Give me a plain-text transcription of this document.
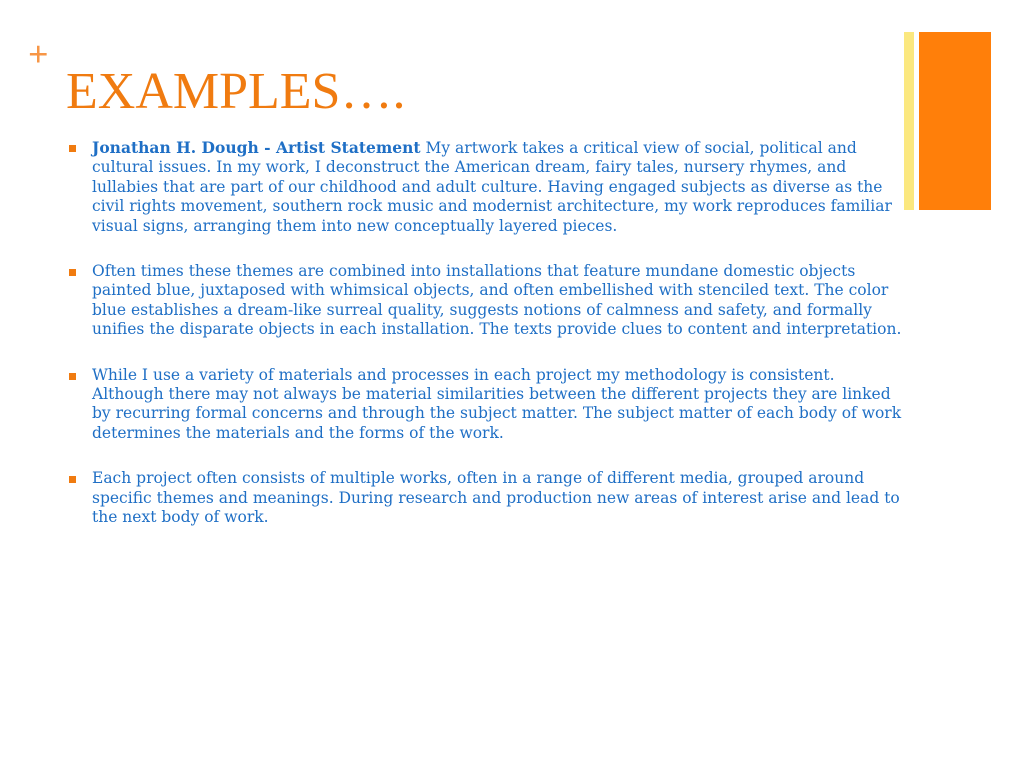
+
EXAMPLES….
Jonathan H. Dough - Artist Statement My artwork takes a critical view of social, political and cultural issues. In my work, I deconstruct the American dream, fairy tales, nursery rhymes, and lullabies that are part of our childhood and adult culture. Having engaged subjects as diverse as the civil rights movement, southern rock music and modernist architecture, my work reproduces familiar visual signs, arranging them into new conceptually layered pieces.
Often times these themes are combined into installations that feature mundane domestic objects painted blue, juxtaposed with whimsical objects, and often embellished with stenciled text. The color blue establishes a dream-like surreal quality, suggests notions of calmness and safety, and formally unifies the disparate objects in each installation. The texts provide clues to content and interpretation.
While I use a variety of materials and processes in each project my methodology is consistent. Although there may not always be material similarities between the different projects they are linked by recurring formal concerns and through the subject matter. The subject matter of each body of work determines the materials and the forms of the work.
Each project often consists of multiple works, often in a range of different media, grouped around specific themes and meanings. During research and production new areas of interest arise and lead to the next body of work.
